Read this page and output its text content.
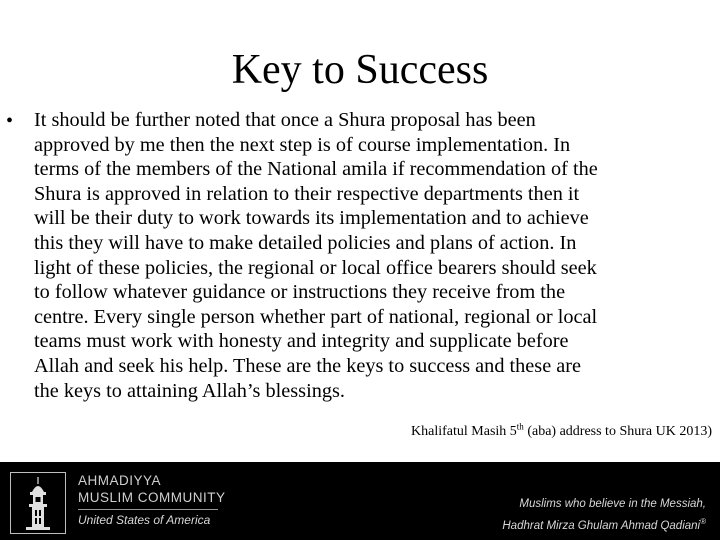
Key to Success
• It should be further noted that once a Shura proposal has been
approved by me then the next step is of course implementation. In
terms of the members of the National amila if recommendation of the
Shura is approved in relation to their respective departments then it
will be their duty to work towards its implementation and to achieve
this they will have to make detailed policies and plans of action. In
light of these policies, the regional or local office bearers should seek
to follow whatever guidance or instructions they receive from the
centre. Every single person whether part of national, regional or local
teams must work with honesty and integrity and supplicate before
Allah and seek his help. These are the keys to success and these are
the keys to attaining Allah’s blessings.
Khalifatul Masih 5th (aba) address to Shura UK 2013)
AHMADIYYA
MUSLIM COMMUNITY
United States of America
Muslims who believe in the Messiah,
Hadhrat Mirza Ghulam Ahmad Qadiani®
